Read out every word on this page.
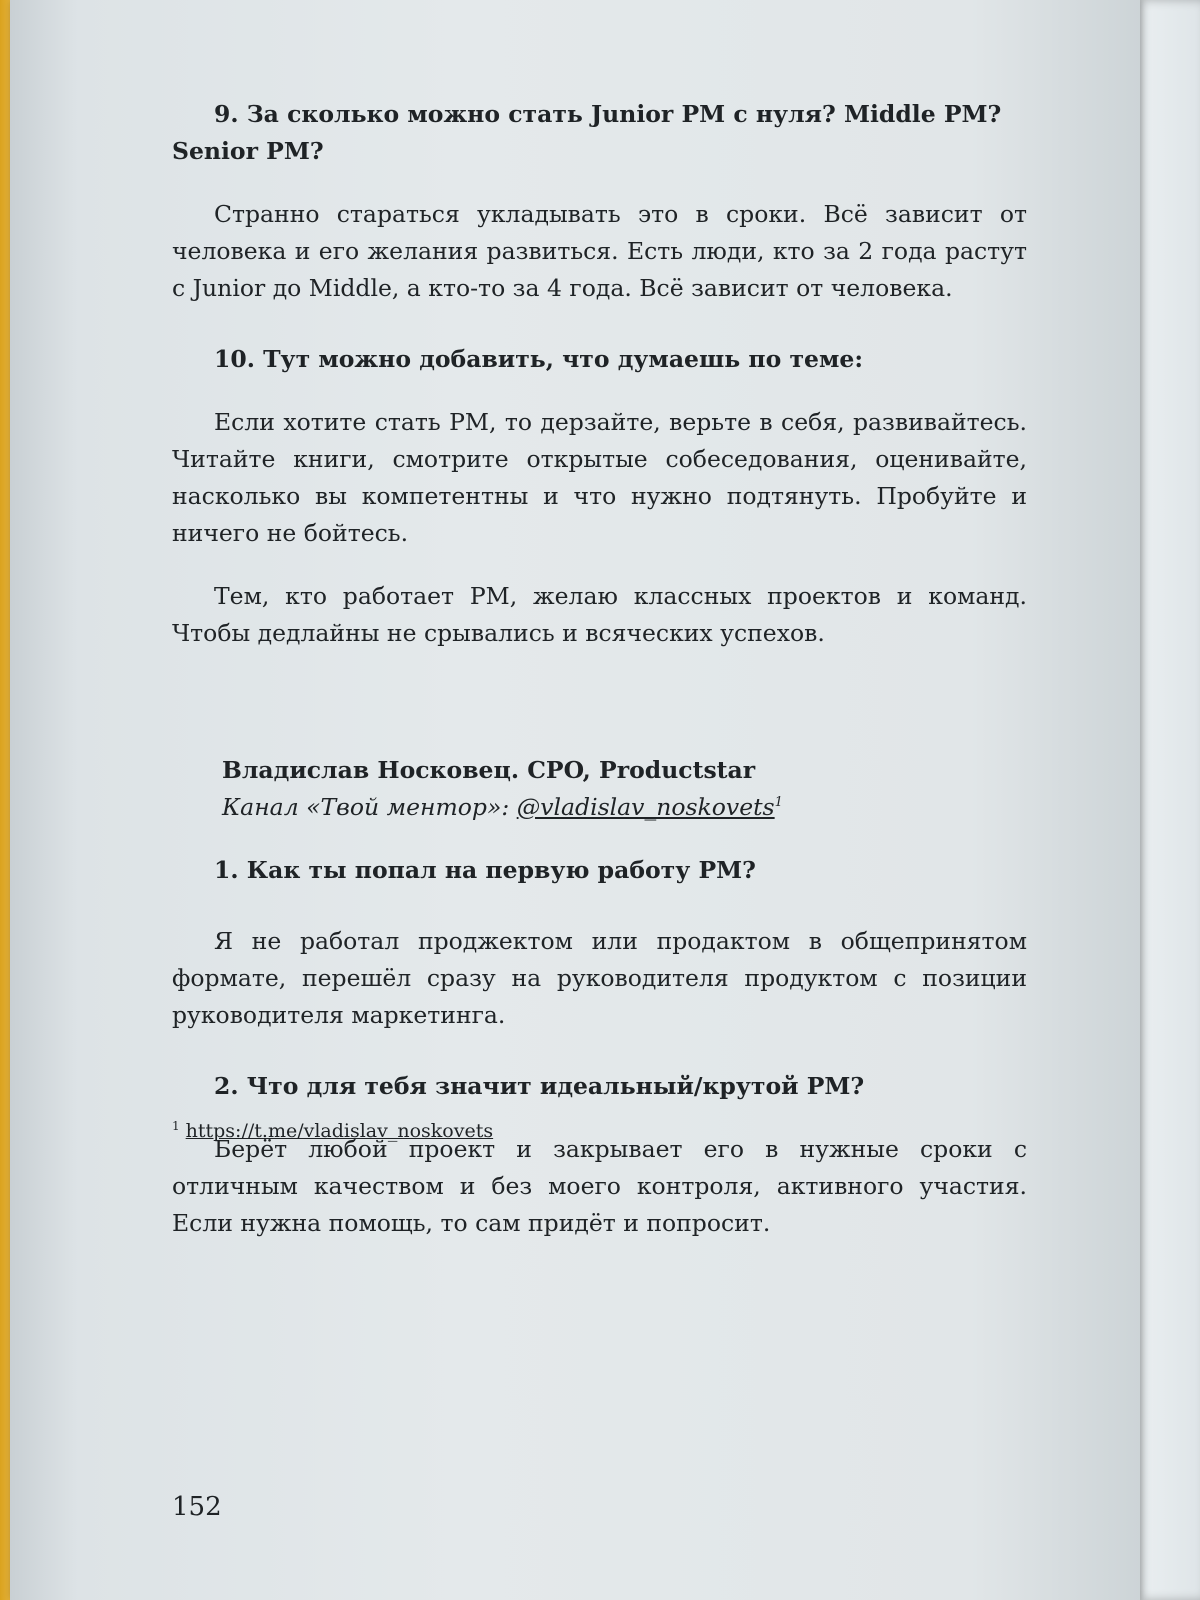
9. За сколько можно стать Junior PM с нуля? Middle PM? Senior PM?

Странно стараться укладывать это в сроки. Всё зависит от человека и его желания развиться. Есть люди, кто за 2 года растут с Junior до Middle, а кто-то за 4 года. Всё зависит от человека.

10. Тут можно добавить, что думаешь по теме:

Если хотите стать PM, то дерзайте, верьте в себя, развивайтесь. Читайте книги, смотрите открытые собеседования, оценивайте, насколько вы компетентны и что нужно подтянуть. Пробуйте и ничего не бойтесь.

Тем, кто работает PM, желаю классных проектов и команд. Чтобы дедлайны не срывались и всяческих успехов.

Владислав Носковец. CPO, Productstar

Канал «Твой ментор»: @vladislav_noskovets$^1$

1. Как ты попал на первую работу PM?

Я не работал проджектом или продактом в общепринятом формате, перешёл сразу на руководителя продуктом с позиции руководителя маркетинга.

2. Что для тебя значит идеальный/крутой PM?

Берёт любой проект и закрывает его в нужные сроки с отличным качеством и без моего контроля, активного участия. Если нужна помощь, то сам придёт и попросит.

$^1$ https://t.me/vladislav_noskovets
152
